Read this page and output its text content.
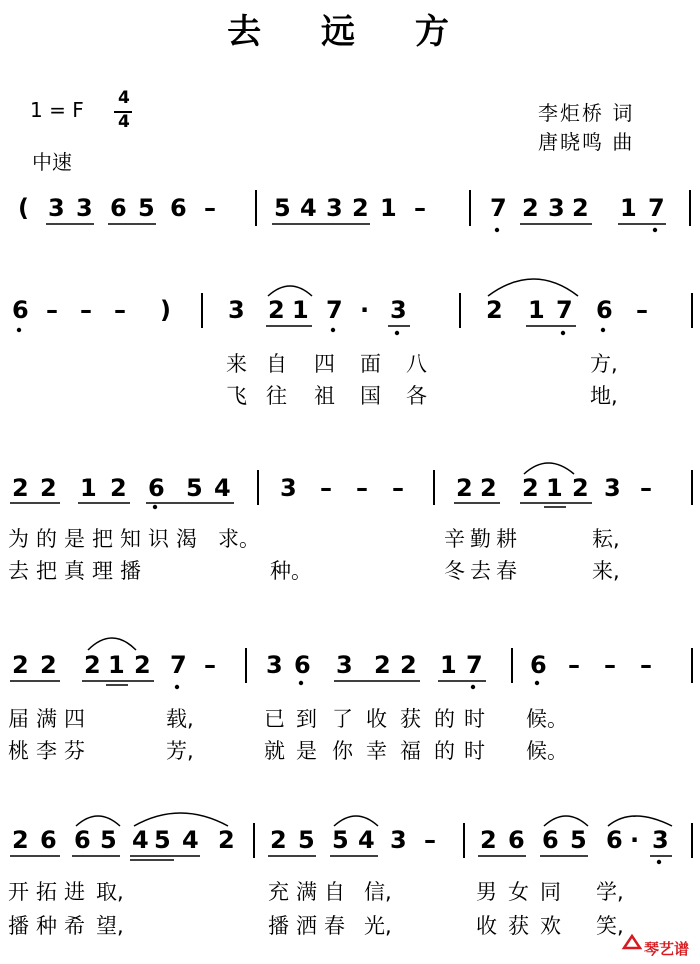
去 远 方
1 = F 4
4
中速
李炬桥 词
唐晓鸣 曲
( 3 3 6 5 6 – 5 4 3 2 1 –	7 2 3 2 1 7
6 – – – ) 3 2 1 7 · 3	2 1 7 6 –
来 自 四 面 八	方,
飞 往 祖 国 各	地,
2 2 1 2 6 5 4 3 – – – 2 2 2 1 2 3 –
为 的 是 把 知 识 渴 求。	辛 勤 耕	耘,
去 把 真 理 播	种。	冬 去 春	来,
2 2 2 1 2 7 – 3 6 3 2 2 1 7 6 – – –
届 满 四	载,	已 到 了 收 获 的 时 候。
桃 李 芬	芳,	就 是 你 幸 福 的 时 候。
2 6 6 5 4 5 4 2 2 5 5 4 3 – 2 6 6 5 6 · 3
开 拓 进 取,	充 满 自 信,	男 女 同 学,
播 种 希 望,	播 洒 春 光,	收 获 欢 笑,
琴艺谱
